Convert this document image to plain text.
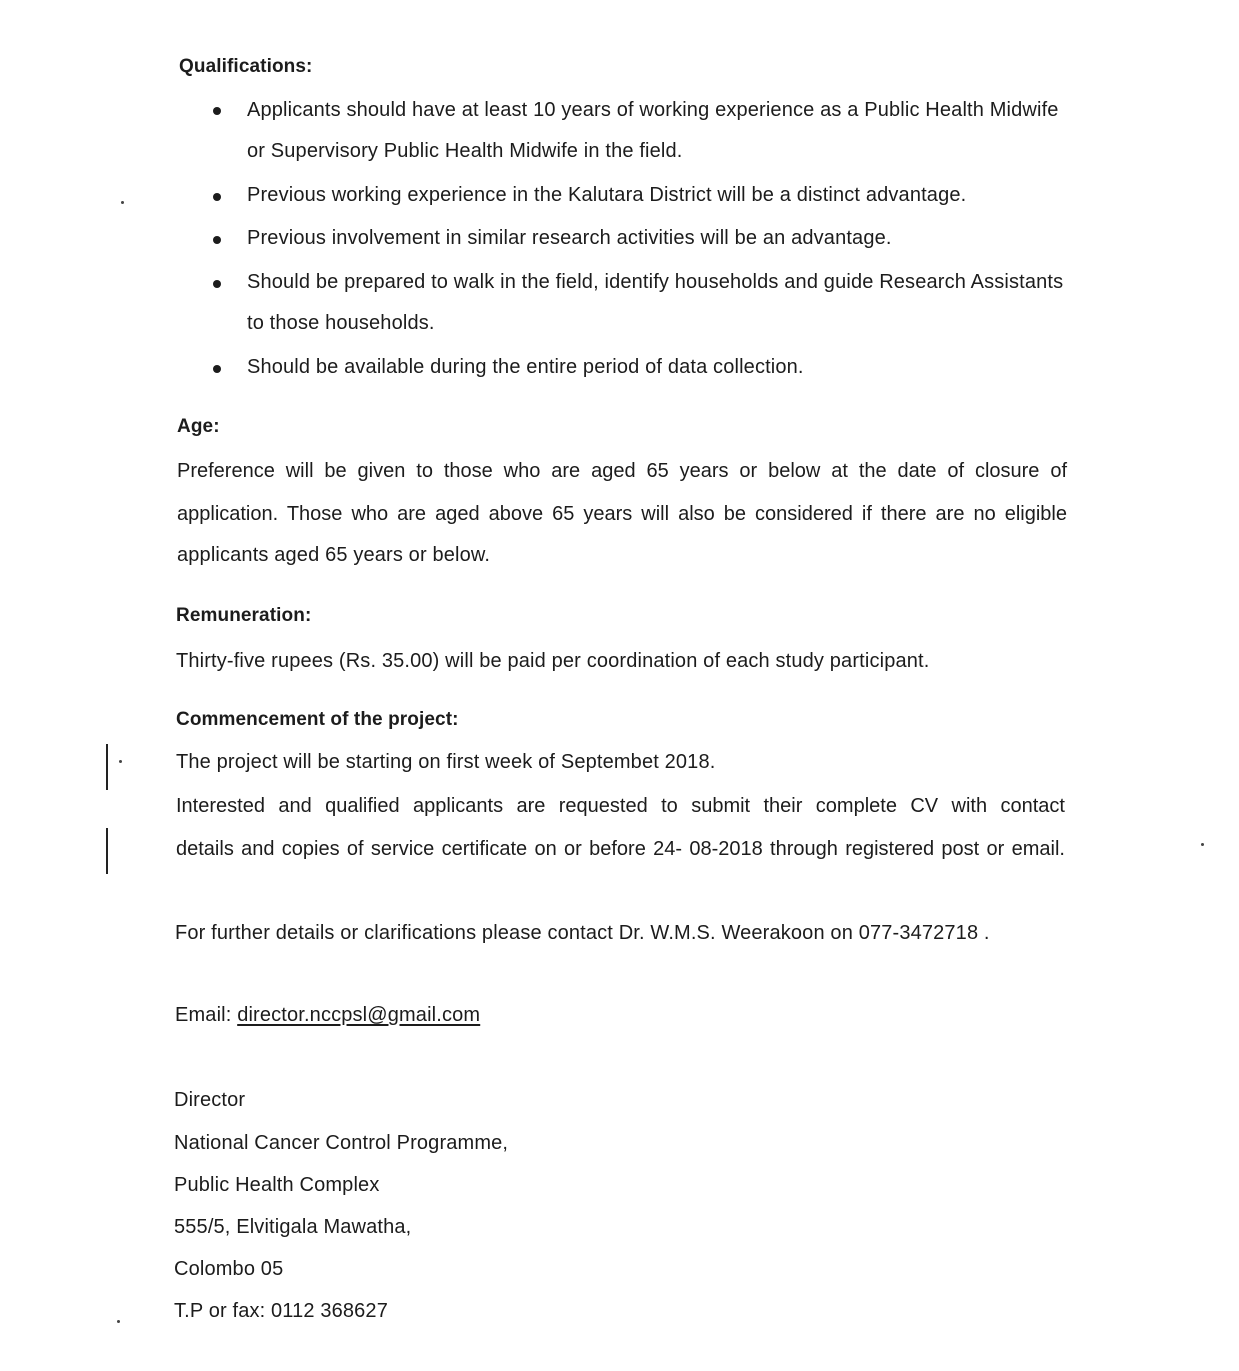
Qualifications:
Applicants should have at least 10 years of working experience as a Public Health Midwife
or Supervisory Public Health Midwife in the field.
Previous working experience in the Kalutara District will be a distinct advantage.
Previous involvement in similar research activities will be an advantage.
Should be prepared to walk in the field, identify households and guide Research Assistants
to those households.
Should be available during the entire period of data collection.
Age:
Preference will be given to those who are aged 65 years or below at the date of closure of
application. Those who are aged above 65 years will also be considered if there are no eligible
applicants aged 65 years or below.
Remuneration:
Thirty-five rupees (Rs. 35.00) will be paid per coordination of each study participant.
Commencement of the project:
The project will be starting on first week of Septembet 2018.
Interested and qualified applicants are requested to submit their complete CV with contact
details and copies of service certificate on or before 24- 08-2018 through registered post or email.
For further details or clarifications please contact Dr. W.M.S. Weerakoon on 077-3472718 .
Email: director.nccpsl@gmail.com
Director
National Cancer Control Programme,
Public Health Complex
555/5, Elvitigala Mawatha,
Colombo 05
T.P or fax: 0112 368627
